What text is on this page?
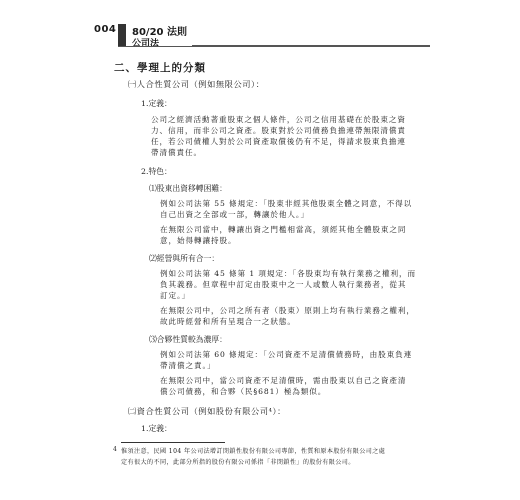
004 80/20 法則
公司法
二、學理上的分類
㈠人合性質公司（例如無限公司）：
1.定義：
公司之經濟活動著重股東之個人條件，公司之信用基礎在於股東之資
力、信用，而非公司之資產。股東對於公司債務負擔連帶無限清償責
任，若公司債權人對於公司資產取償後仍有不足，得請求股東負擔連
帶清償責任。
2.特色：
⑴股東出資移轉困難：
例如公司法第 55 條規定：「股東非經其他股東全體之同意，不得以
自己出資之全部或一部，轉讓於他人。」
在無限公司當中，轉讓出資之門檻相當高，須經其他全體股東之同
意，始得轉讓持股。
⑵經營與所有合一：
例如公司法第 45 條第 1 項規定：「各股東均有執行業務之權利，而
負其義務。但章程中訂定由股東中之一人或數人執行業務者，從其
訂定。」
在無限公司中，公司之所有者（股東）原則上均有執行業務之權利，
故此時經營和所有呈現合一之狀態。
⑶合夥性質較為濃厚：
例如公司法第 60 條規定：「公司資產不足清償債務時，由股東負連
帶清償之責。」
在無限公司中，當公司資產不足清償時，需由股東以自己之資產清
償公司債務，和合夥（民§681）極為類似。
㈡資合性質公司（例如股份有限公司⁴）：
1.定義：
4 惟須注意，民國 104 年公司法增訂閉鎖性股份有限公司專節，性質和原本股份有限公司之處
定有很大的不同，此部分所指的股份有限公司係指「非閉鎖性」的股份有限公司。
